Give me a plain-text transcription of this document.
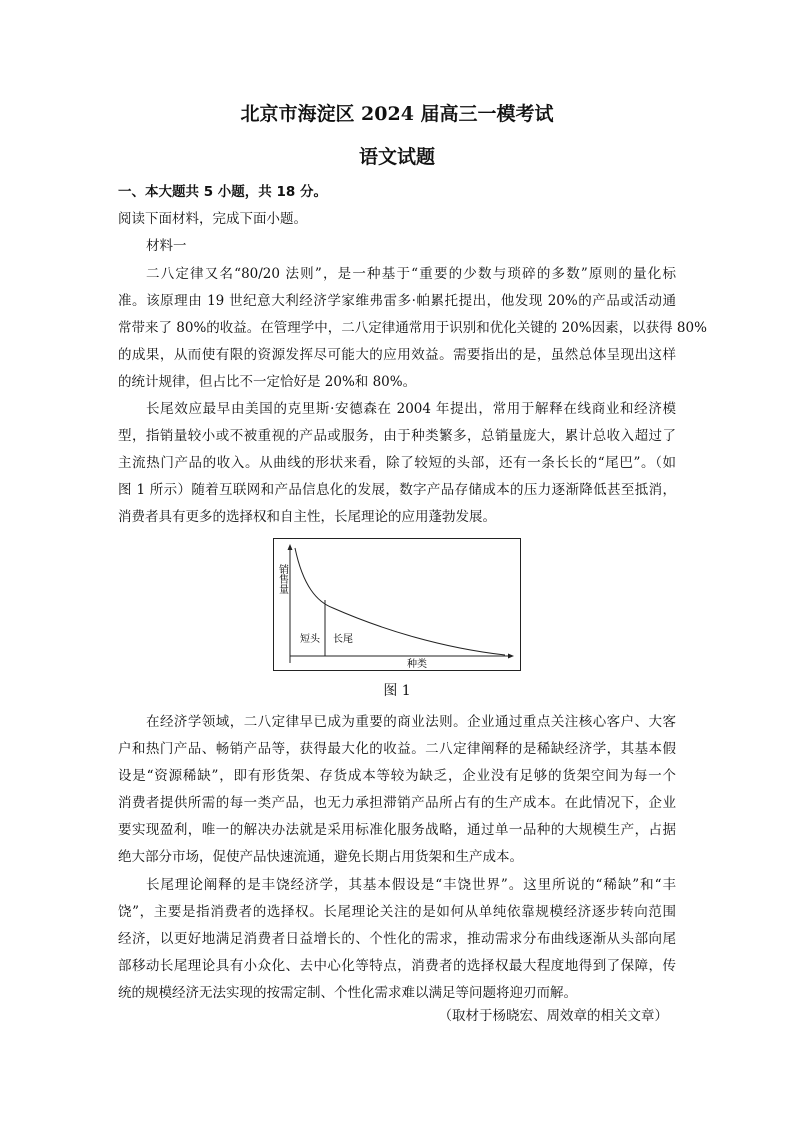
北京市海淀区 2024 届高三一模考试
语文试题
一、本大题共 5 小题，共 18 分。
阅读下面材料，完成下面小题。
材料一
二八定律又名“80/20 法则”，是一种基于“重要的少数与琐碎的多数”原则的量化标
准。该原理由 19 世纪意大利经济学家维弗雷多·帕累托提出，他发现 20%的产品或活动通
常带来了 80%的收益。在管理学中，二八定律通常用于识别和优化关键的 20%因素，以获得 80%
的成果，从而使有限的资源发挥尽可能大的应用效益。需要指出的是，虽然总体呈现出这样
的统计规律，但占比不一定恰好是 20%和 80%。
长尾效应最早由美国的克里斯·安德森在 2004 年提出，常用于解释在线商业和经济模
型，指销量较小或不被重视的产品或服务，由于种类繁多，总销量庞大，累计总收入超过了
主流热门产品的收入。从曲线的形状来看，除了较短的头部，还有一条长长的“尾巴”。（如
图 1 所示）随着互联网和产品信息化的发展，数字产品存储成本的压力逐渐降低甚至抵消，
消费者具有更多的选择权和自主性，长尾理论的应用蓬勃发展。
销售量
短头 长尾
种类
图 1
在经济学领域，二八定律早已成为重要的商业法则。企业通过重点关注核心客户、大客
户和热门产品、畅销产品等，获得最大化的收益。二八定律阐释的是稀缺经济学，其基本假
设是“资源稀缺”，即有形货架、存货成本等较为缺乏，企业没有足够的货架空间为每一个
消费者提供所需的每一类产品，也无力承担滞销产品所占有的生产成本。在此情况下，企业
要实现盈利，唯一的解决办法就是采用标准化服务战略，通过单一品种的大规模生产，占据
绝大部分市场，促使产品快速流通，避免长期占用货架和生产成本。
长尾理论阐释的是丰饶经济学，其基本假设是“丰饶世界”。这里所说的“稀缺”和“丰
饶”，主要是指消费者的选择权。长尾理论关注的是如何从单纯依靠规模经济逐步转向范围
经济，以更好地满足消费者日益增长的、个性化的需求，推动需求分布曲线逐渐从头部向尾
部移动长尾理论具有小众化、去中心化等特点，消费者的选择权最大程度地得到了保障，传
统的规模经济无法实现的按需定制、个性化需求难以满足等问题将迎刃而解。
（取材于杨晓宏、周效章的相关文章）
